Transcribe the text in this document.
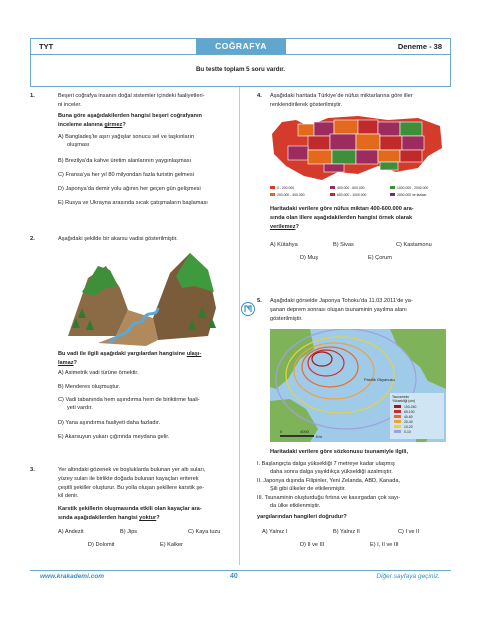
TYT	COĞRAFYA	Deneme - 38
Bu testte toplam 5 soru vardır.
1.	Beşeri coğrafya insanın doğal sistemler içindeki faaliyetleri-
ni inceler.
Buna göre aşağıdakilerden hangisi beşeri coğrafyanın
inceleme alanına girmez?
A) Bangladeş’te aşırı yağışlar sonucu sel ve taşkınların
oluşması
B) Brezilya’da kahve üretim alanlarının yaygınlaşması
C) Fransa’ya her yıl 80 milyondan fazla turistin gelmesi
D) Japonya’da demir yolu ağının her geçen gün gelişmesi
E) Rusya ve Ukrayna arasında sıcak çatışmaların başlaması
2.	Aşağıdaki şekilde bir akarsu vadisi gösterilmiştir.
Bu vadi ile ilgili aşağıdaki yargılardan hangisine ulaşı-
lamaz?
A) Asimetrik vadi türüne örnektir.
B) Menderes oluşmuştur.
C) Vadi tabanında hem aşındırma hem de biriktirme faali-
yeti vardır.
D) Yana aşındırma faaliyeti daha fazladır.
E) Akarsuyun yukarı çığırında meydana gelir.
3.	Yer altındaki gözenek ve boşluklarda bulunan yer altı suları,
yüzey suları ile birlikte doğada bulunan kayaçları eriterek
çeşitli şekiller oluşturur. Bu yolla oluşan şekillere karstik şe-
kil denir.
Karstik şekillerin oluşmasında etkili olan kayaçlar ara-
sında aşağıdakilerden hangisi yoktur?
A) Andezit	B) Jips	C) Kaya tuzu
D) Dolomit	E) Kalker
4. Aşağıdaki haritada Türkiye’de nüfus miktarlarına göre iller
renklendirilerek gösterilmiştir.
0 - 200.000
200.000 - 400.000
400.000 - 600.000
600.000 - 1000.000
1000.000 - 2000.000
2000.000 ve fazlası
Haritadaki verilere göre nüfus miktarı 400-600.000 ara-
sında olan illere aşağıdakilerden hangisi örnek olarak
verilemez?
A) Kütahya	B) Sivas	C) Kastamonu
D) Muş	E) Çorum
5. Aşağıdaki görselde Japonya Tohoku’da 11.03.2011’de ya-
şanan deprem sonrası oluşan tsunaminin yayılma alanı
gösterilmiştir.
Pasifik Okyanusu
Tsunaminin
Yüksekliği (cm)
100-240
60-100
40-60
20-40
10-20
0-10
0	4000
Km
Haritadaki verilere göre sözkonusu tsunamiyle ilgili,
I. Başlangıçta dalga yüksekliği 7 metreye kadar ulaşmış
daha sonra dalga yayıldıkça yükseldiği azalmıştır.
II. Japonya dışında Filipinler, Yeni Zelanda, ABD, Kanada,
Şili gibi ülkeler de etkilenmiştir.
III. Tsunaminin oluşturduğu fırtına ve kasırgadan çok sayı-
da ülke etkilenmiştir.
yargılarından hangileri doğrudur?
A) Yalnız I	B) Yalnız II	C) I ve II
D) II ve III	E) I, II ve III
www.krakademi.com	40	Diğer sayfaya geçiniz.
